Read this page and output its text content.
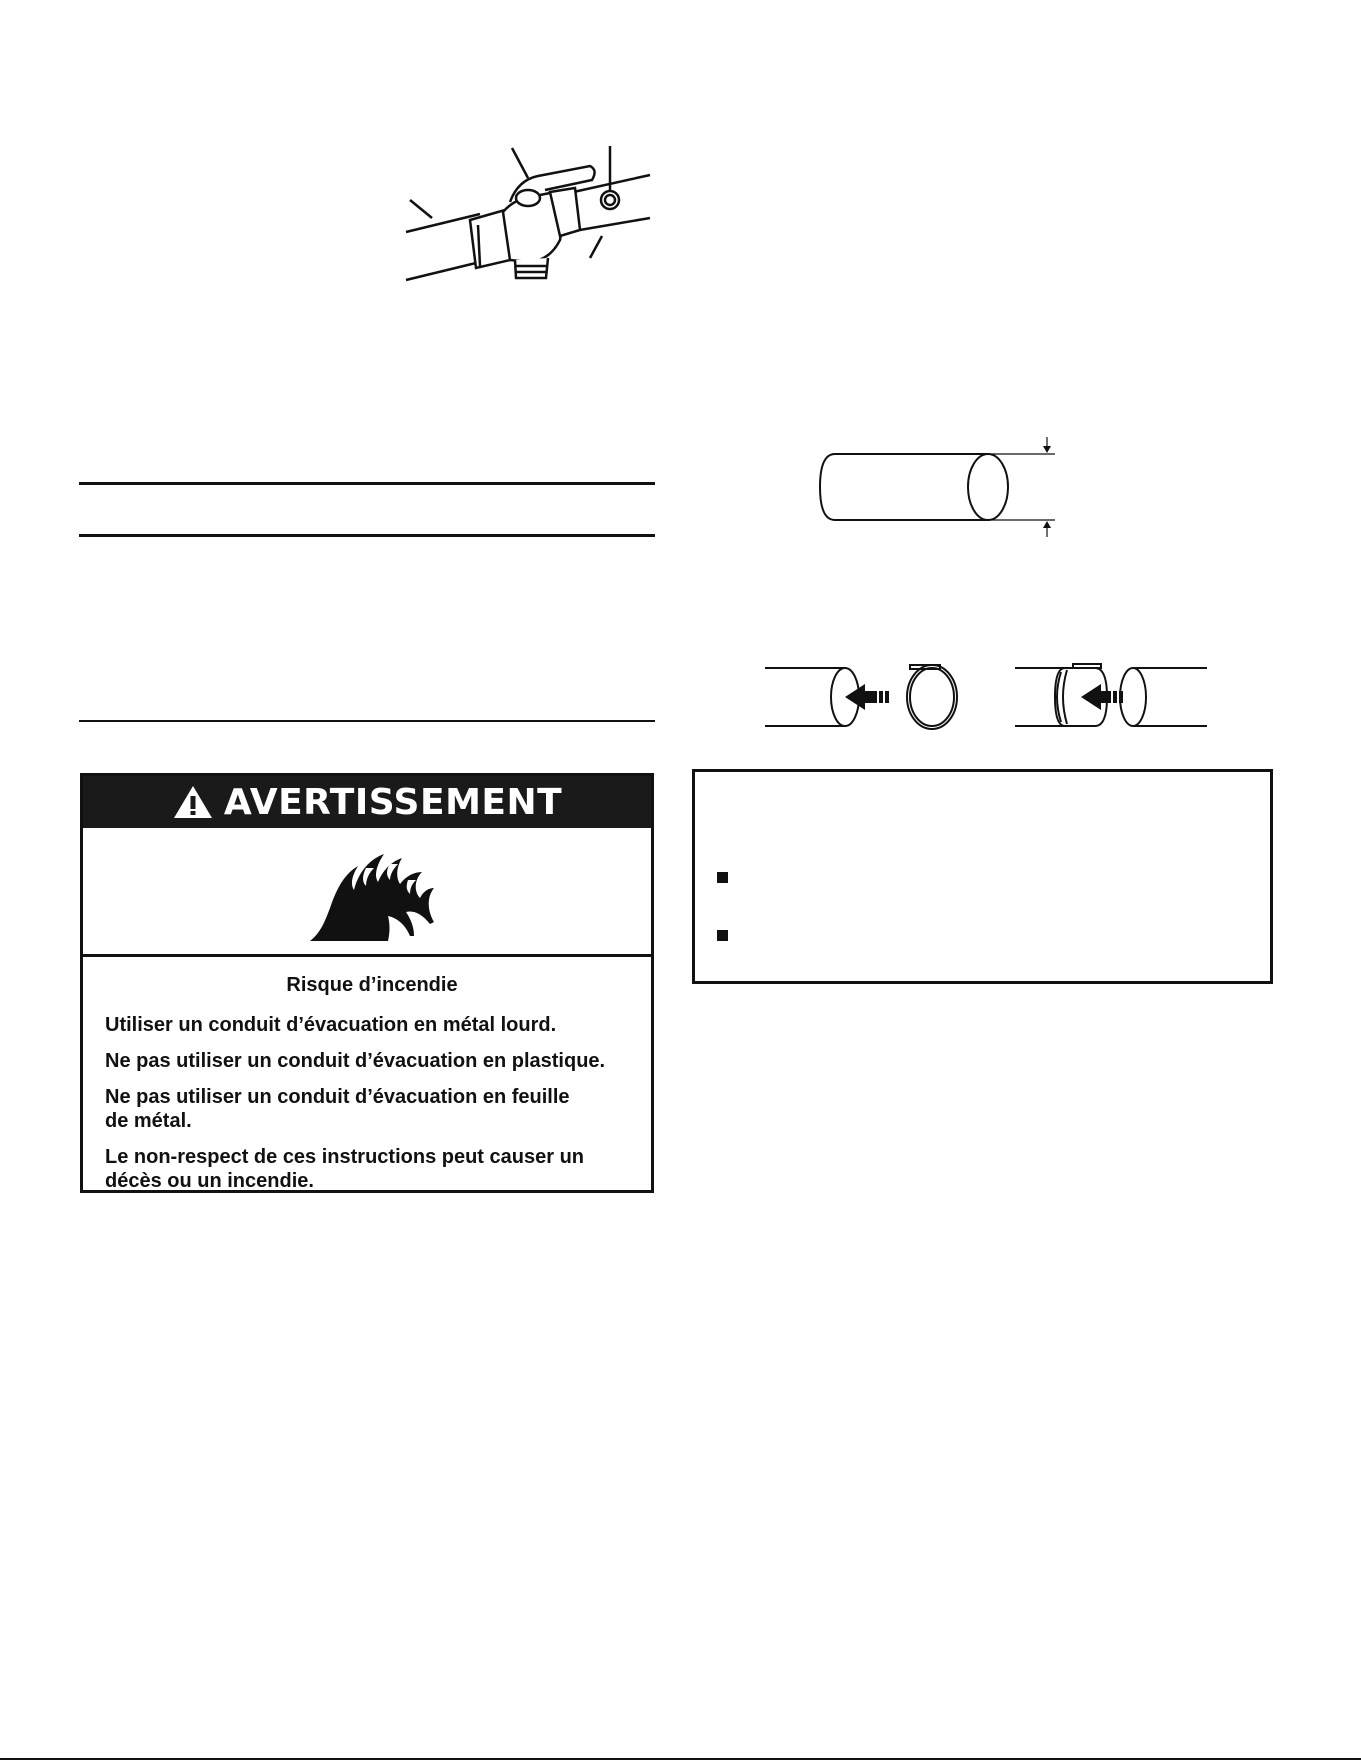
AVERTISSEMENT
Risque d’incendie

Utiliser un conduit d’évacuation en métal lourd.

Ne pas utiliser un conduit d’évacuation en plastique.

Ne pas utiliser un conduit d’évacuation en feuille de métal.

Le non-respect de ces instructions peut causer un décès ou un incendie.
